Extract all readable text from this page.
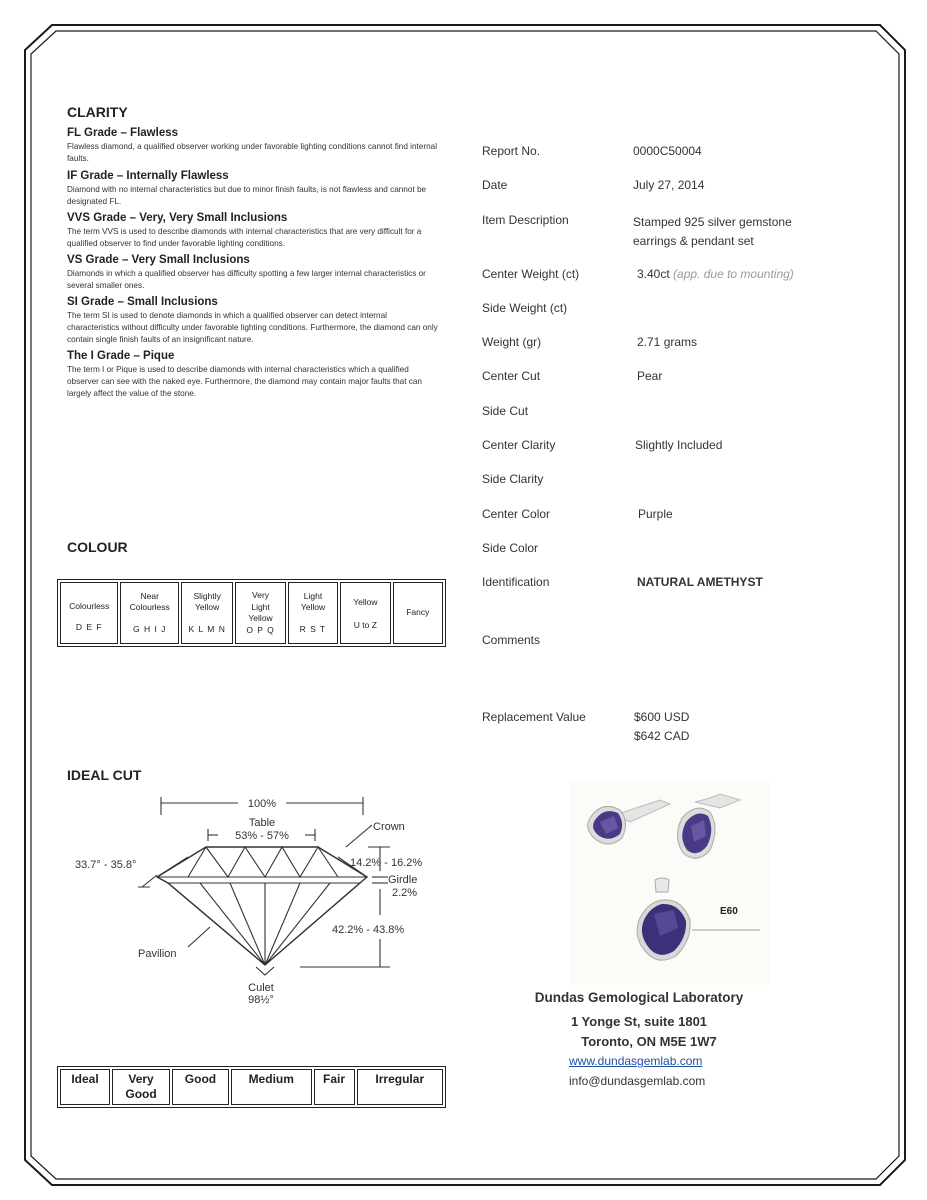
CLARITY
FL Grade – Flawless
Flawless diamond, a qualified observer working under favorable lighting conditions cannot find internal faults.
IF Grade – Internally Flawless
Diamond with no internal characteristics but due to minor finish faults, is not flawless and cannot be designated FL.
VVS Grade – Very, Very Small Inclusions
The term VVS is used to describe diamonds with internal characteristics that are very difficult for a qualified observer to find under favorable lighting conditions.
VS Grade – Very Small Inclusions
Diamonds in which a qualified observer has difficulty spotting a few larger internal characteristics or several smaller ones.
SI Grade – Small Inclusions
The term SI is used to denote diamonds in which a qualified observer can detect internal characteristics without difficulty under favorable lighting conditions. Furthermore, the diamond can only contain single finish faults of an insignificant nature.
The I Grade – Pique
The term I or Pique is used to describe diamonds with internal characteristics which a qualified observer can see with the naked eye. Furthermore, the diamond may contain major faults that can largely affect the value of the stone.
COLOUR
Colourless
D E F

Near Colourless
G H I J

Slightly Yellow
K L M N

Very Light Yellow
O P Q

Light Yellow
R S T

Yellow
U to Z

Fancy
IDEAL CUT
100%
Table
53% - 57%
Crown
33.7° - 35.8°	14.2% - 16.2%
Girdle
2.2%
42.2% - 43.8%
Pavilion
Culet
98½°
Ideal	Very Good	Good	Medium	Fair	Irregular
Report No.	0000C50004
Date	July 27, 2014
Item Description	Stamped 925 silver gemstone earrings & pendant set
Center Weight (ct)	3.40ct (app. due to mounting)
Side Weight (ct)
Weight (gr)	2.71 grams
Center Cut	Pear
Side Cut
Center Clarity	Slightly Included
Side Clarity
Center Color	Purple
Side Color
Identification	NATURAL AMETHYST
Comments
Replacement Value	$600 USD
$642 CAD
E60
Dundas Gemological Laboratory
1 Yonge St, suite 1801
Toronto, ON M5E 1W7
www.dundasgemlab.com
info@dundasgemlab.com
